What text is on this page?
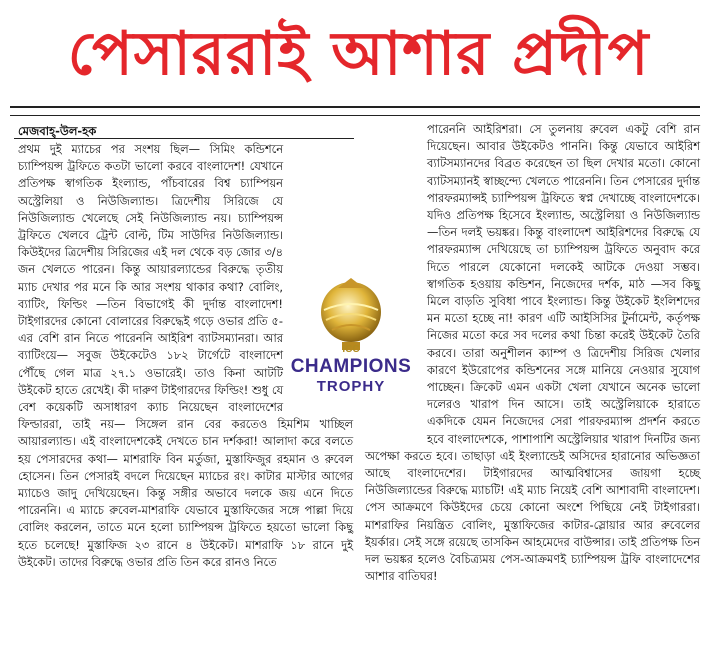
পেসাররাই আশার প্রদীপ
মেজবাহ্-উল-হক

প্রথম দুই ম্যাচের পর সংশয় ছিল— সিমিং কন্ডিশনে চ্যাম্পিয়ন্স ট্রফিতে কতটা ভালো করবে বাংলাদেশ! যেখানে প্রতিপক্ষ স্বাগতিক ইংল্যান্ড, পাঁচবারের বিশ্ব চ্যাম্পিয়ন অস্ট্রেলিয়া ও নিউজিল্যান্ড। ত্রিদেশীয় সিরিজে যে নিউজিল্যান্ড খেলেছে সেই নিউজিল্যান্ড নয়। চ্যাম্পিয়ন্স ট্রফিতে খেলবে ট্রেন্ট বোল্ট, টিম সাউদির নিউজিল্যান্ড। কিউইদের ত্রিদেশীয় সিরিজের এই দল থেকে বড় জোর ৩/৪ জন খেলতে পারেন। কিন্তু আয়ারল্যান্ডের বিরুদ্ধে তৃতীয় ম্যাচ দেখার পর মনে কি আর সংশয় থাকার কথা? বোলিং, ব্যাটিং, ফিল্ডিং —তিন বিভাগেই কী দুর্দান্ত বাংলাদেশ! টাইগারদের কোনো বোলারের বিরুদ্ধেই গড়ে ওভার প্রতি ৫-এর বেশি রান নিতে পারেননি আইরিশ ব্যাটসম্যানরা। আর ব্যাটিংয়ে— সবুজ উইকেটেও ১৮২ টার্গেটে বাংলাদেশ পৌঁছে গেল মাত্র ২৭.১ ওভারেই। তাও কিনা আটটি উইকেট হাতে রেখেই। কী দারুণ টাইগারদের ফিল্ডিং! শুধু যে বেশ কয়েকটি অসাধারণ ক্যাচ নিয়েছেন বাংলাদেশের ফিল্ডাররা, তাই নয়— সিঙ্গেল রান বের করতেও হিমশিম খাচ্ছিল আয়ারল্যান্ড। এই বাংলাদেশকেই দেখতে চান দর্শকরা! আলাদা করে বলতে হয় পেসারদের কথা— মাশরাফি বিন মর্তুজা, মুস্তাফিজুর রহমান ও রুবেল হোসেন। তিন পেসারই বদলে দিয়েছেন ম্যাচের রং। কাটার মাস্টার আগের ম্যাচেও জাদু দেখিয়েছেন। কিন্তু সঙ্গীর অভাবে দলকে জয় এনে দিতে পারেননি। এ ম্যাচে রুবেল-মাশরাফি যেভাবে মুস্তাফিজের সঙ্গে পাল্লা দিয়ে বোলিং করলেন, তাতে মনে হলো চ্যাম্পিয়ন্স ট্রফিতে হয়তো ভালো কিছু হতে চলেছে! মুস্তাফিজ ২৩ রানে ৪ উইকেট। মাশরাফি ১৮ রানে দুই উইকেট। তাদের বিরুদ্ধে ওভার প্রতি তিন করে রানও নিতে

পারেননি আইরিশরা। সে তুলনায় রুবেল একটু বেশি রান দিয়েছেন। আবার উইকেটও পাননি। কিন্তু যেভাবে আইরিশ ব্যাটসম্যানদের বিব্রত করেছেন তা ছিল দেখার মতো। কোনো ব্যাটসম্যানই স্বাচ্ছন্দ্যে খেলতে পারেননি। তিন পেসারের দুর্দান্ত পারফরম্যান্সই চ্যাম্পিয়ন্স ট্রফিতে স্বপ্ন দেখাচ্ছে বাংলাদেশকে। যদিও প্রতিপক্ষ হিসেবে ইংল্যান্ড, অস্ট্রেলিয়া ও নিউজিল্যান্ড —তিন দলই ভয়ঙ্কর। কিন্তু বাংলাদেশ আইরিশদের বিরুদ্ধে যে পারফরম্যান্স দেখিয়েছে তা চ্যাম্পিয়ন্স ট্রফিতে অনুবাদ করে দিতে পারলে যেকোনো দলকেই আটকে দেওয়া সম্ভব। স্বাগতিক হওয়ায় কন্ডিশন, নিজেদের দর্শক, মাঠ —সব কিছু মিলে বাড়তি সুবিধা পাবে ইংল্যান্ড। কিন্তু উইকেট ইংলিশদের মন মতো হচ্ছে না! কারণ এটি আইসিসির টুর্নামেন্ট, কর্তৃপক্ষ নিজের মতো করে সব দলের কথা চিন্তা করেই উইকেট তৈরি করবে। তারা অনুশীলন ক্যাম্প ও ত্রিদেশীয় সিরিজ খেলার কারণে ইউরোপের কন্ডিশনের সঙ্গে মানিয়ে নেওয়ার সুযোগ পাচ্ছেন। ক্রিকেট এমন একটা খেলা যেখানে অনেক ভালো দলেরও খারাপ দিন আসে। তাই অস্ট্রেলিয়াকে হারাতে একদিকে যেমন নিজেদের সেরা পারফরম্যান্স প্রদর্শন করতে হবে বাংলাদেশকে, পাশাপাশি অস্ট্রেলিয়ার খারাপ দিনটির জন্য অপেক্ষা করতে হবে। তাছাড়া এই ইংল্যান্ডেই অসিদের হারানোর অভিজ্ঞতা আছে বাংলাদেশের। টাইগারদের আত্মবিশ্বাসের জায়গা হচ্ছে নিউজিল্যান্ডের বিরুদ্ধে ম্যাচটি! এই ম্যাচ নিয়েই বেশি আশাবাদী বাংলাদেশ। পেস আক্রমণে কিউইদের চেয়ে কোনো অংশে পিছিয়ে নেই টাইগাররা। মাশরাফির নিয়ন্ত্রিত বোলিং, মুস্তাফিজের কাটার-স্লোয়ার আর রুবেলের ইয়র্কার। সেই সঙ্গে রয়েছে তাসকিন আহমেদের বাউন্সার। তাই প্রতিপক্ষ তিন দল ভয়ঙ্কর হলেও বৈচিত্র্যময় পেস-আক্রমণই চ্যাম্পিয়ন্স ট্রফি বাংলাদেশের আশার বাতিঘর!

ICC
CHAMPIONS
TROPHY
